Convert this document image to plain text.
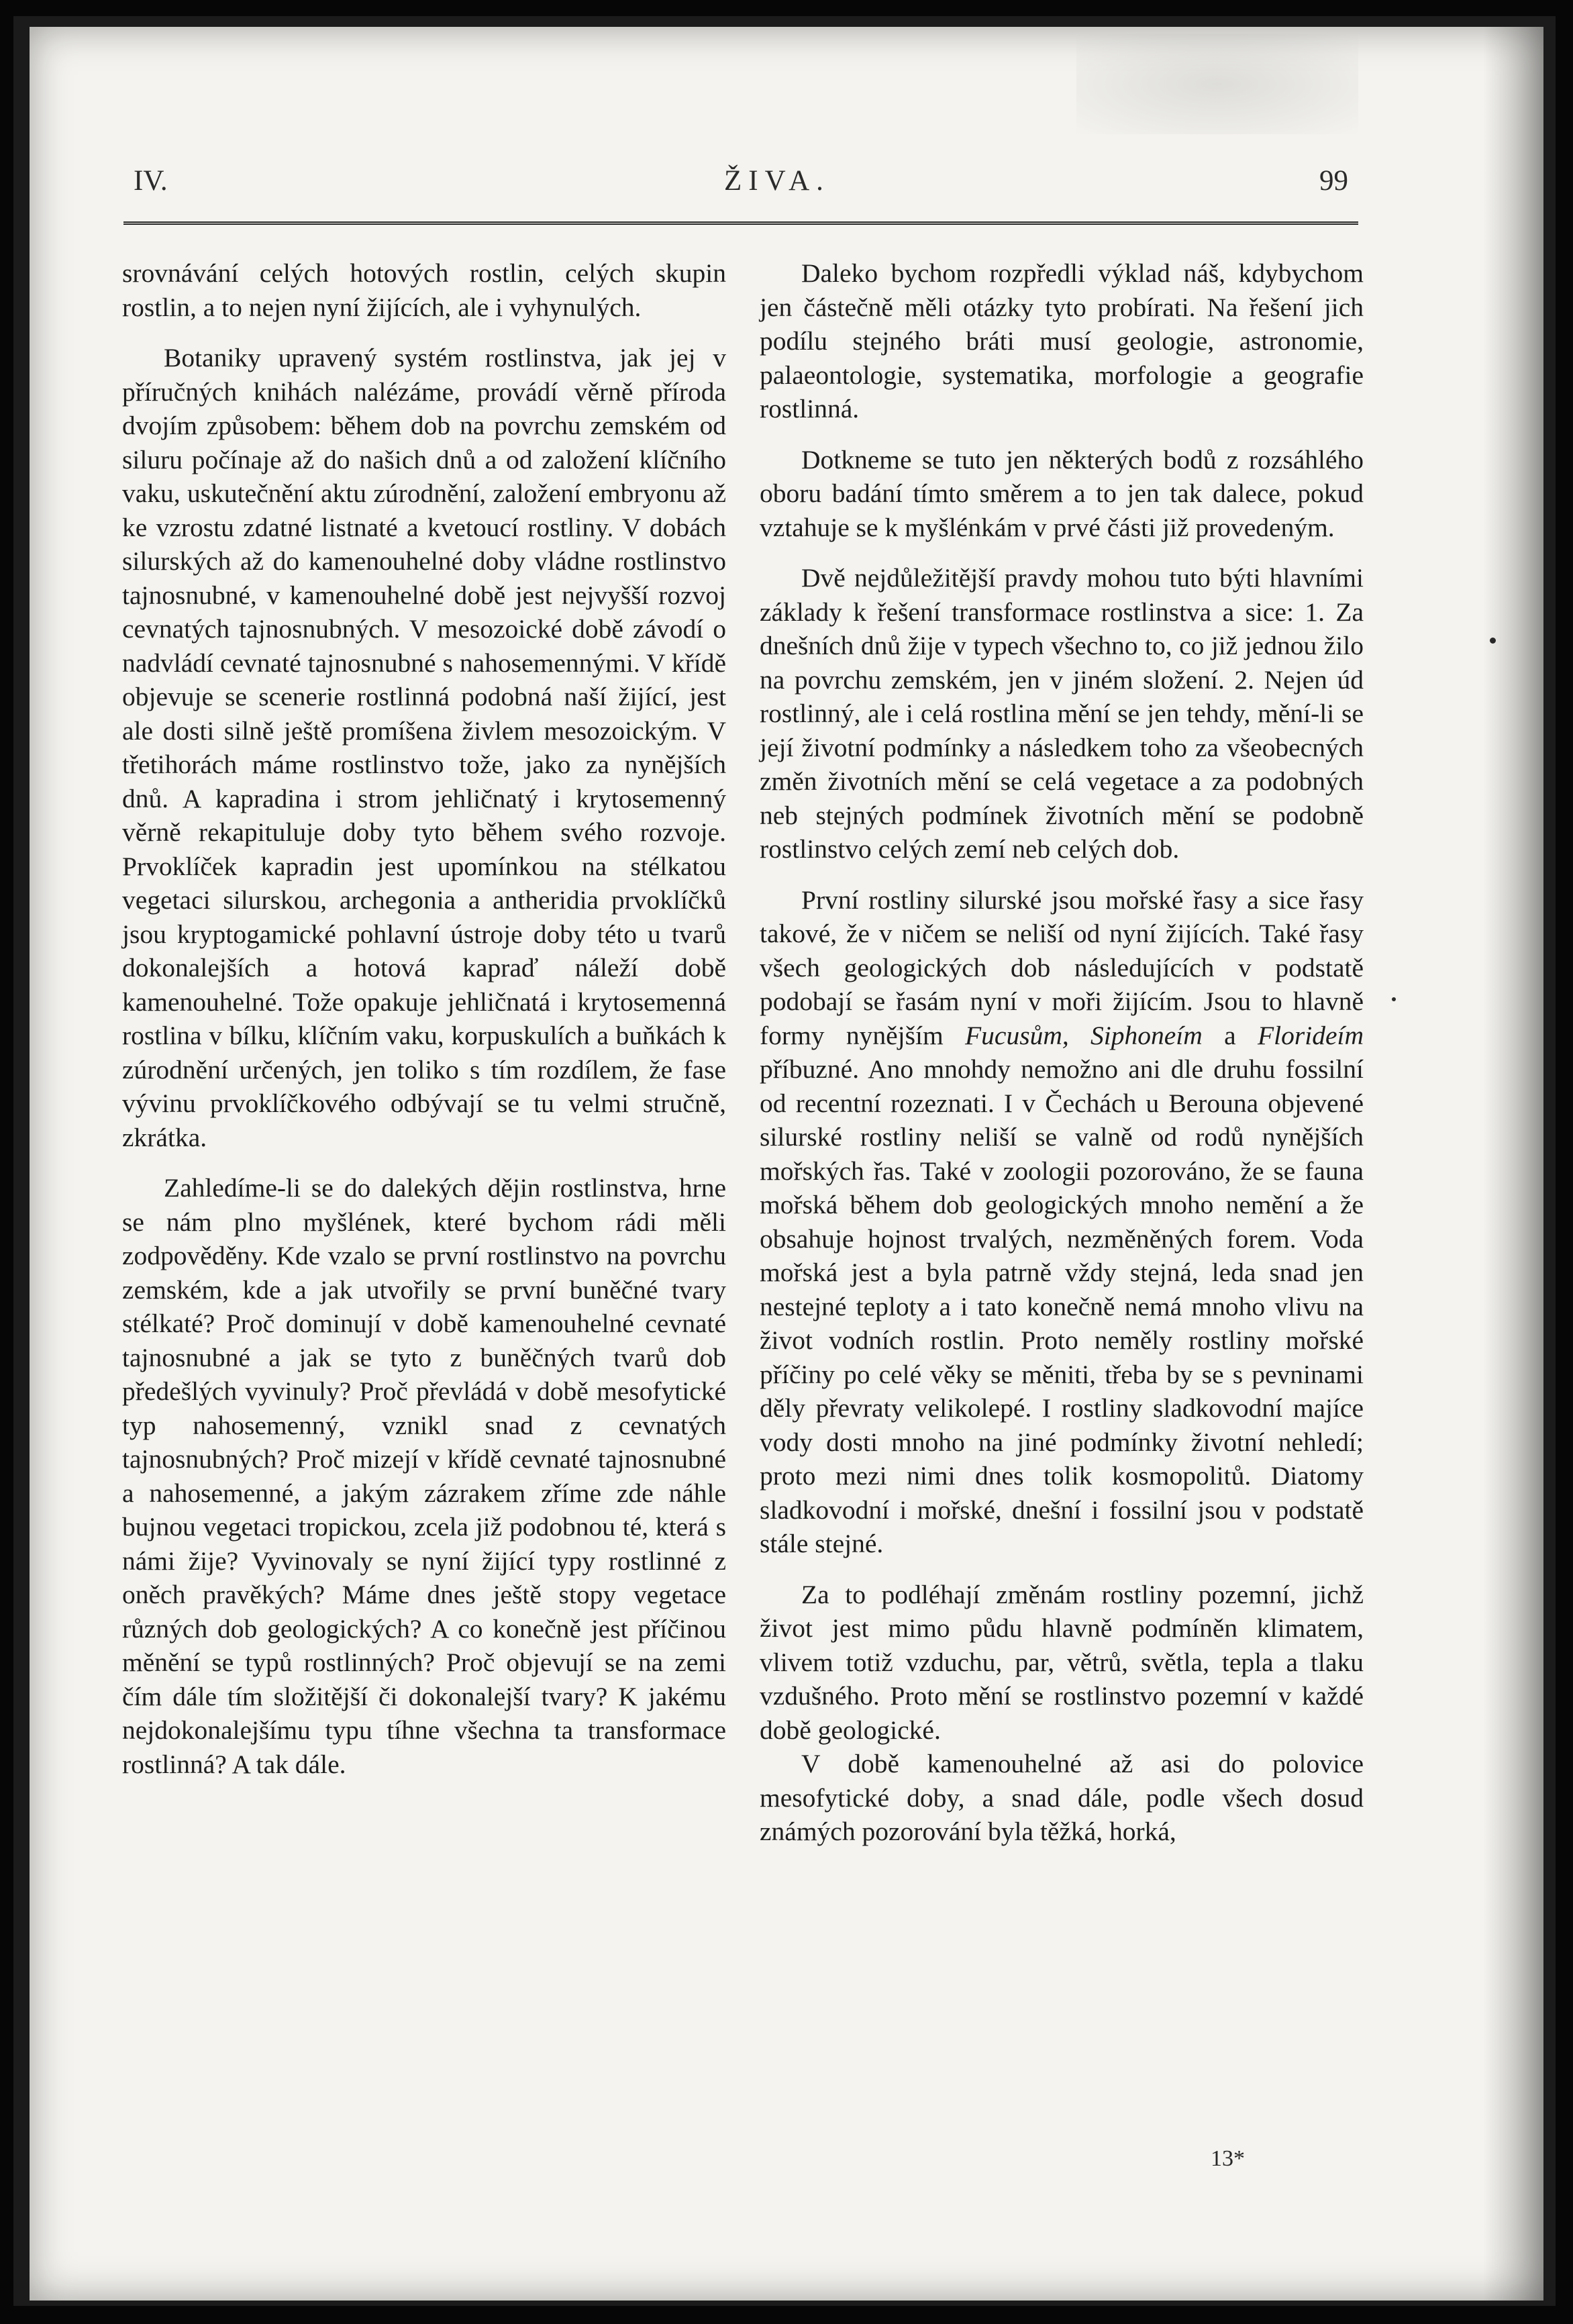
IV.	ŽIVA.	99

srovnávání celých hotových rostlin, celých skupin rostlin, a to nejen nyní žijících, ale i vyhynulých.

Botaniky upravený systém rostlinstva, jak jej v příručných knihách nalézáme, provádí věrně příroda dvojím způsobem: během dob na povrchu zemském od siluru počínaje až do našich dnů a od založení klíčního vaku, uskutečnění aktu zúrodnění, založení embryonu až ke vzrostu zdatné listnaté a kvetoucí rostliny. V dobách silurských až do kamenouhelné doby vládne rostlinstvo tajnosnubné, v kamenouhelné době jest nejvyšší rozvoj cevnatých tajnosnubných. V mesozoické době závodí o nadvládí cevnaté tajnosnubné s nahosemennými. V křídě objevuje se scenerie rostlinná podobná naší žijící, jest ale dosti silně ještě promíšena živlem mesozoickým. V třetihorách máme rostlinstvo tože, jako za nynějších dnů. A kapradina i strom jehličnatý i krytosemenný věrně rekapituluje doby tyto během svého rozvoje. Prvoklíček kapradin jest upomínkou na stélkatou vegetaci silurskou, archegonia a antheridia prvoklíčků jsou kryptogamické pohlavní ústroje doby této u tvarů dokonalejších a hotová kapraď náleží době kamenouhelné. Tože opakuje jehličnatá i krytosemenná rostlina v bílku, klíčním vaku, korpuskulích a buňkách k zúrodnění určených, jen toliko s tím rozdílem, že fase vývinu prvoklíčkového odbývají se tu velmi stručně, zkrátka.

Zahledíme-li se do dalekých dějin rostlinstva, hrne se nám plno myšlének, které bychom rádi měli zodpověděny. Kde vzalo se první rostlinstvo na povrchu zemském, kde a jak utvořily se první buněčné tvary stélkaté? Proč dominují v době kamenouhelné cevnaté tajnosnubné a jak se tyto z buněčných tvarů dob předešlých vyvinuly? Proč převládá v době mesofytické typ nahosemenný, vznikl snad z cevnatých tajnosnubných? Proč mizejí v křídě cevnaté tajnosnubné a nahosemenné, a jakým zázrakem zříme zde náhle bujnou vegetaci tropickou, zcela již podobnou té, která s námi žije? Vyvinovaly se nyní žijící typy rostlinné z oněch pravěkých? Máme dnes ještě stopy vegetace různých dob geologických? A co konečně jest příčinou měnění se typů rostlinných? Proč objevují se na zemi čím dále tím složitější či dokonalejší tvary? K jakému nejdokonalejšímu typu tíhne všechna ta transformace rostlinná? A tak dále.

Daleko bychom rozpředli výklad náš, kdybychom jen částečně měli otázky tyto probírati. Na řešení jich podílu stejného bráti musí geologie, astronomie, palaeontologie, systematika, morfologie a geografie rostlinná.

Dotkneme se tuto jen některých bodů z rozsáhlého oboru badání tímto směrem a to jen tak dalece, pokud vztahuje se k myšlénkám v prvé části již provedeným.

Dvě nejdůležitější pravdy mohou tuto býti hlavními základy k řešení transformace rostlinstva a sice: 1. Za dnešních dnů žije v typech všechno to, co již jednou žilo na povrchu zemském, jen v jiném složení. 2. Nejen úd rostlinný, ale i celá rostlina mění se jen tehdy, mění-li se její životní podmínky a následkem toho za všeobecných změn životních mění se celá vegetace a za podobných neb stejných podmínek životních mění se podobně rostlinstvo celých zemí neb celých dob.

První rostliny silurské jsou mořské řasy a sice řasy takové, že v ničem se neliší od nyní žijících. Také řasy všech geologických dob následujících v podstatě podobají se řasám nyní v moři žijícím. Jsou to hlavně formy nynějším Fucusům, Siphoneím a Florideím příbuzné. Ano mnohdy nemožno ani dle druhu fossilní od recentní rozeznati. I v Čechách u Berouna objevené silurské rostliny neliší se valně od rodů nynějších mořských řas. Také v zoologii pozorováno, že se fauna mořská během dob geologických mnoho nemění a že obsahuje hojnost trvalých, nezměněných forem. Voda mořská jest a byla patrně vždy stejná, leda snad jen nestejné teploty a i tato konečně nemá mnoho vlivu na život vodních rostlin. Proto neměly rostliny mořské příčiny po celé věky se měniti, třeba by se s pevninami děly převraty velikolepé. I rostliny sladkovodní majíce vody dosti mnoho na jiné podmínky životní nehledí; proto mezi nimi dnes tolik kosmopolitů. Diatomy sladkovodní i mořské, dnešní i fossilní jsou v podstatě stále stejné.

Za to podléhají změnám rostliny pozemní, jichž život jest mimo půdu hlavně podmíněn klimatem, vlivem totiž vzduchu, par, větrů, světla, tepla a tlaku vzdušného. Proto mění se rostlinstvo pozemní v každé době geologické.

V době kamenouhelné až asi do polovice mesofytické doby, a snad dále, podle všech dosud známých pozorování byla těžká, horká,

13*
